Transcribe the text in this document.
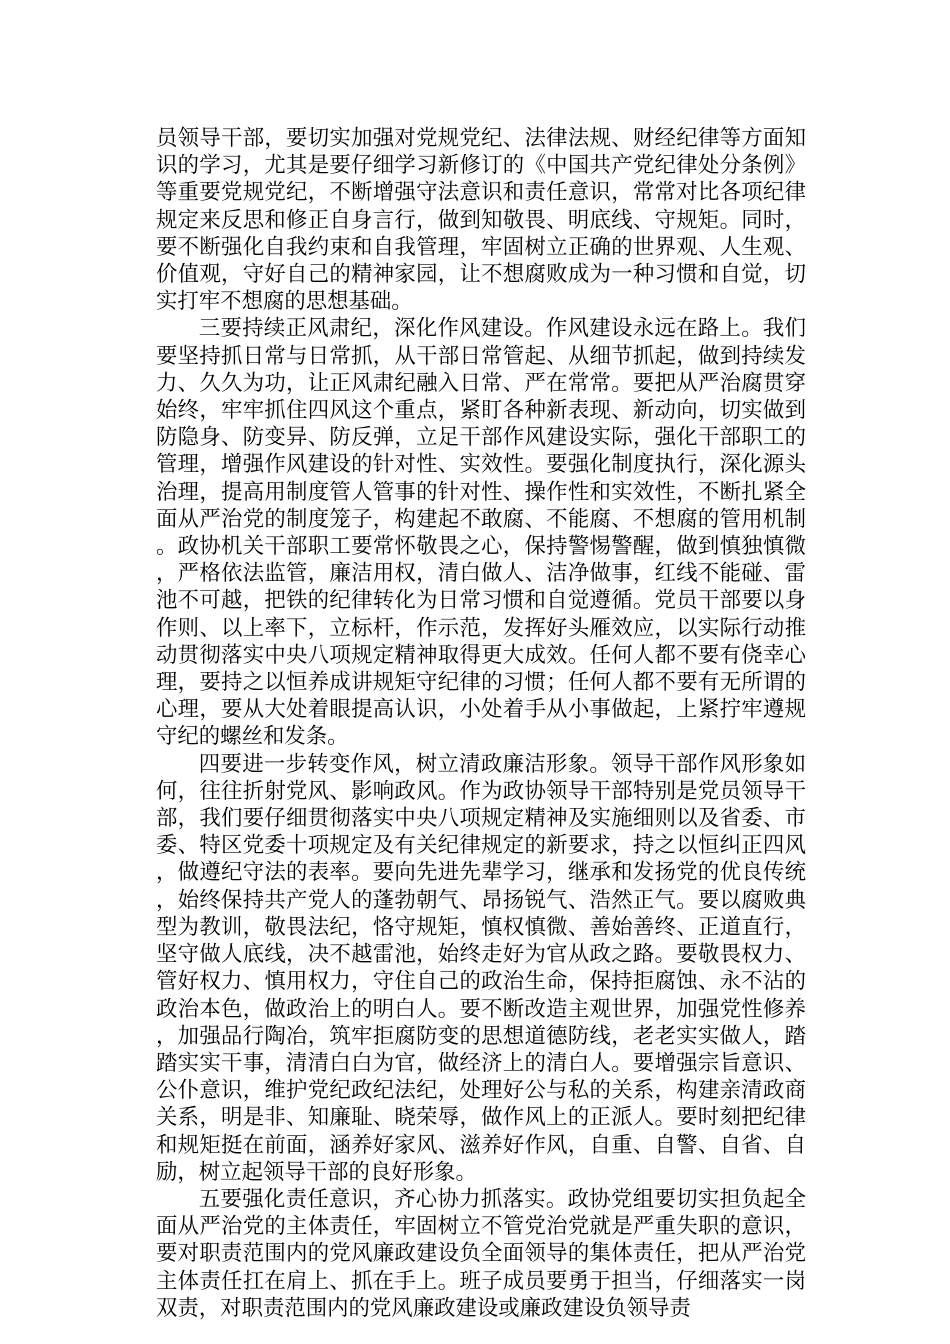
员领导干部，要切实加强对党规党纪、法律法规、财经纪律等方面知识的学习，尤其是要仔细学习新修订的《中国共产党纪律处分条例》等重要党规党纪，不断增强守法意识和责任意识，常常对比各项纪律规定来反思和修正自身言行，做到知敬畏、明底线、守规矩。同时，要不断强化自我约束和自我管理，牢固树立正确的世界观、人生观、价值观，守好自己的精神家园，让不想腐败成为一种习惯和自觉，切实打牢不想腐的思想基础。

三要持续正风肃纪，深化作风建设。作风建设永远在路上。我们要坚持抓日常与日常抓，从干部日常管起、从细节抓起，做到持续发力、久久为功，让正风肃纪融入日常、严在常常。要把从严治腐贯穿始终，牢牢抓住四风这个重点，紧盯各种新表现、新动向，切实做到防隐身、防变异、防反弹，立足干部作风建设实际，强化干部职工的管理，增强作风建设的针对性、实效性。要强化制度执行，深化源头治理，提高用制度管人管事的针对性、操作性和实效性，不断扎紧全面从严治党的制度笼子，构建起不敢腐、不能腐、不想腐的管用机制。政协机关干部职工要常怀敬畏之心，保持警惕警醒，做到慎独慎微，严格依法监管，廉洁用权，清白做人、洁净做事，红线不能碰、雷池不可越，把铁的纪律转化为日常习惯和自觉遵循。党员干部要以身作则、以上率下，立标杆，作示范，发挥好头雁效应，以实际行动推动贯彻落实中央八项规定精神取得更大成效。任何人都不要有侥幸心理，要持之以恒养成讲规矩守纪律的习惯；任何人都不要有无所谓的心理，要从大处着眼提高认识，小处着手从小事做起，上紧拧牢遵规守纪的螺丝和发条。

四要进一步转变作风，树立清政廉洁形象。领导干部作风形象如何，往往折射党风、影响政风。作为政协领导干部特别是党员领导干部，我们要仔细贯彻落实中央八项规定精神及实施细则以及省委、市委、特区党委十项规定及有关纪律规定的新要求，持之以恒纠正四风，做遵纪守法的表率。要向先进先辈学习，继承和发扬党的优良传统，始终保持共产党人的蓬勃朝气、昂扬锐气、浩然正气。要以腐败典型为教训，敬畏法纪，恪守规矩，慎权慎微、善始善终、正道直行，坚守做人底线，决不越雷池，始终走好为官从政之路。要敬畏权力、管好权力、慎用权力，守住自己的政治生命，保持拒腐蚀、永不沾的政治本色，做政治上的明白人。要不断改造主观世界，加强党性修养，加强品行陶冶，筑牢拒腐防变的思想道德防线，老老实实做人，踏踏实实干事，清清白白为官，做经济上的清白人。要增强宗旨意识、公仆意识，维护党纪政纪法纪，处理好公与私的关系，构建亲清政商关系，明是非、知廉耻、晓荣辱，做作风上的正派人。要时刻把纪律和规矩挺在前面，涵养好家风、滋养好作风，自重、自警、自省、自励，树立起领导干部的良好形象。

五要强化责任意识，齐心协力抓落实。政协党组要切实担负起全面从严治党的主体责任，牢固树立不管党治党就是严重失职的意识，要对职责范围内的党风廉政建设负全面领导的集体责任，把从严治党主体责任扛在肩上、抓在手上。班子成员要勇于担当，仔细落实一岗双责，对职责范围内的党风廉政建设或廉政建设负领导责
